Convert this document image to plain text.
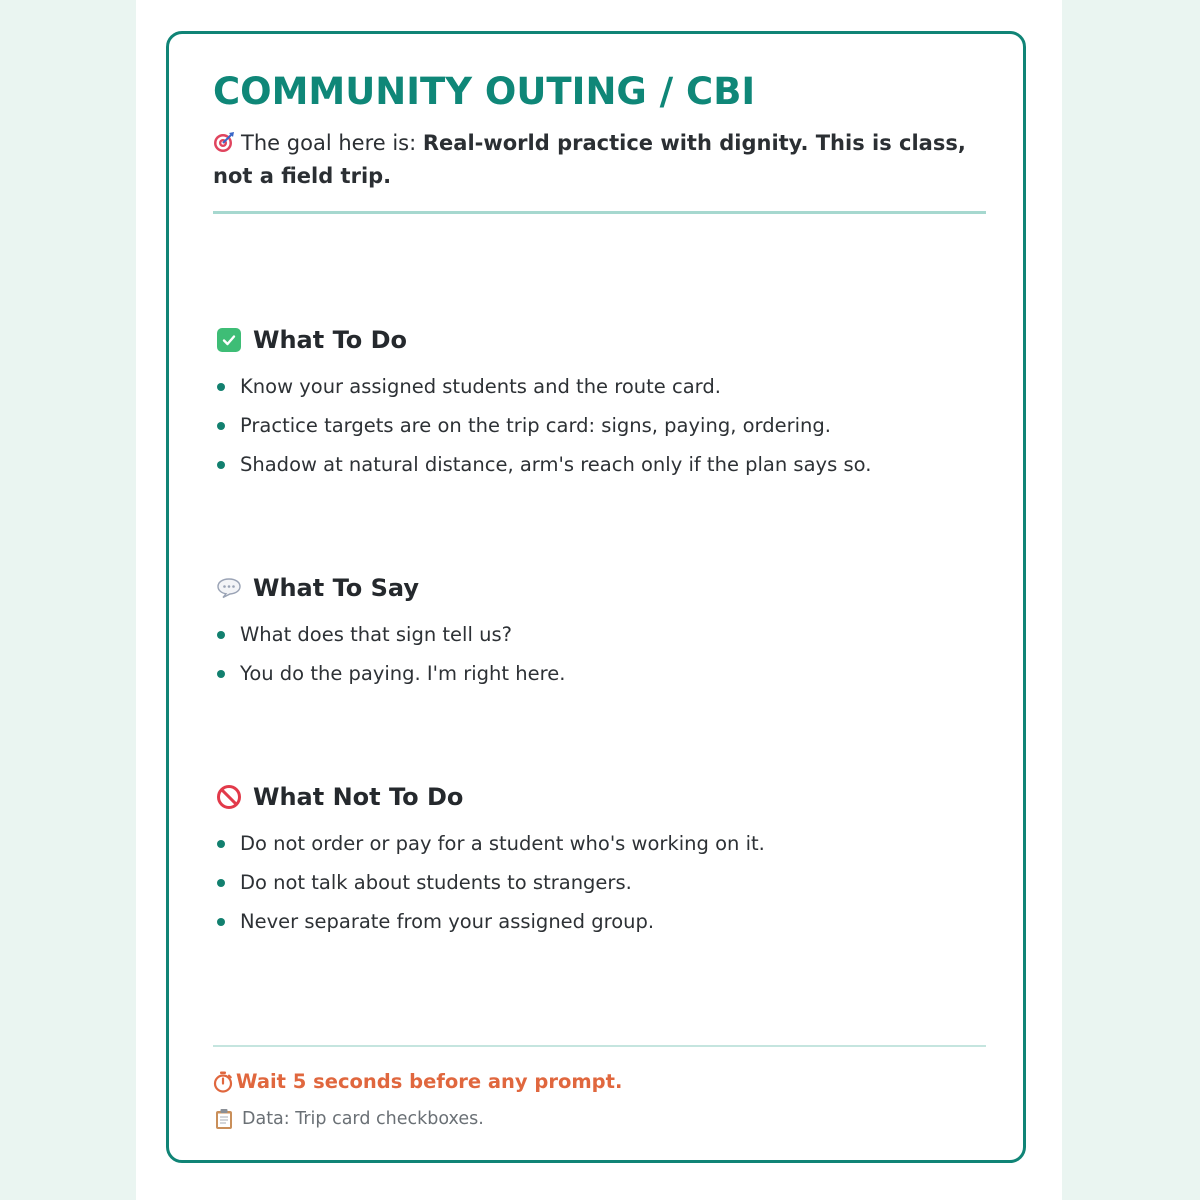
COMMUNITY OUTING / CBI

The goal here is: Real-world practice with dignity. This is class, not a field trip.

What To Do
Know your assigned students and the route card.
Practice targets are on the trip card: signs, paying, ordering.
Shadow at natural distance, arm's reach only if the plan says so.
What To Say
What does that sign tell us?
You do the paying. I'm right here.
What Not To Do
Do not order or pay for a student who's working on it.
Do not talk about students to strangers.
Never separate from your assigned group.
Wait 5 seconds before any prompt.
Data: Trip card checkboxes.
